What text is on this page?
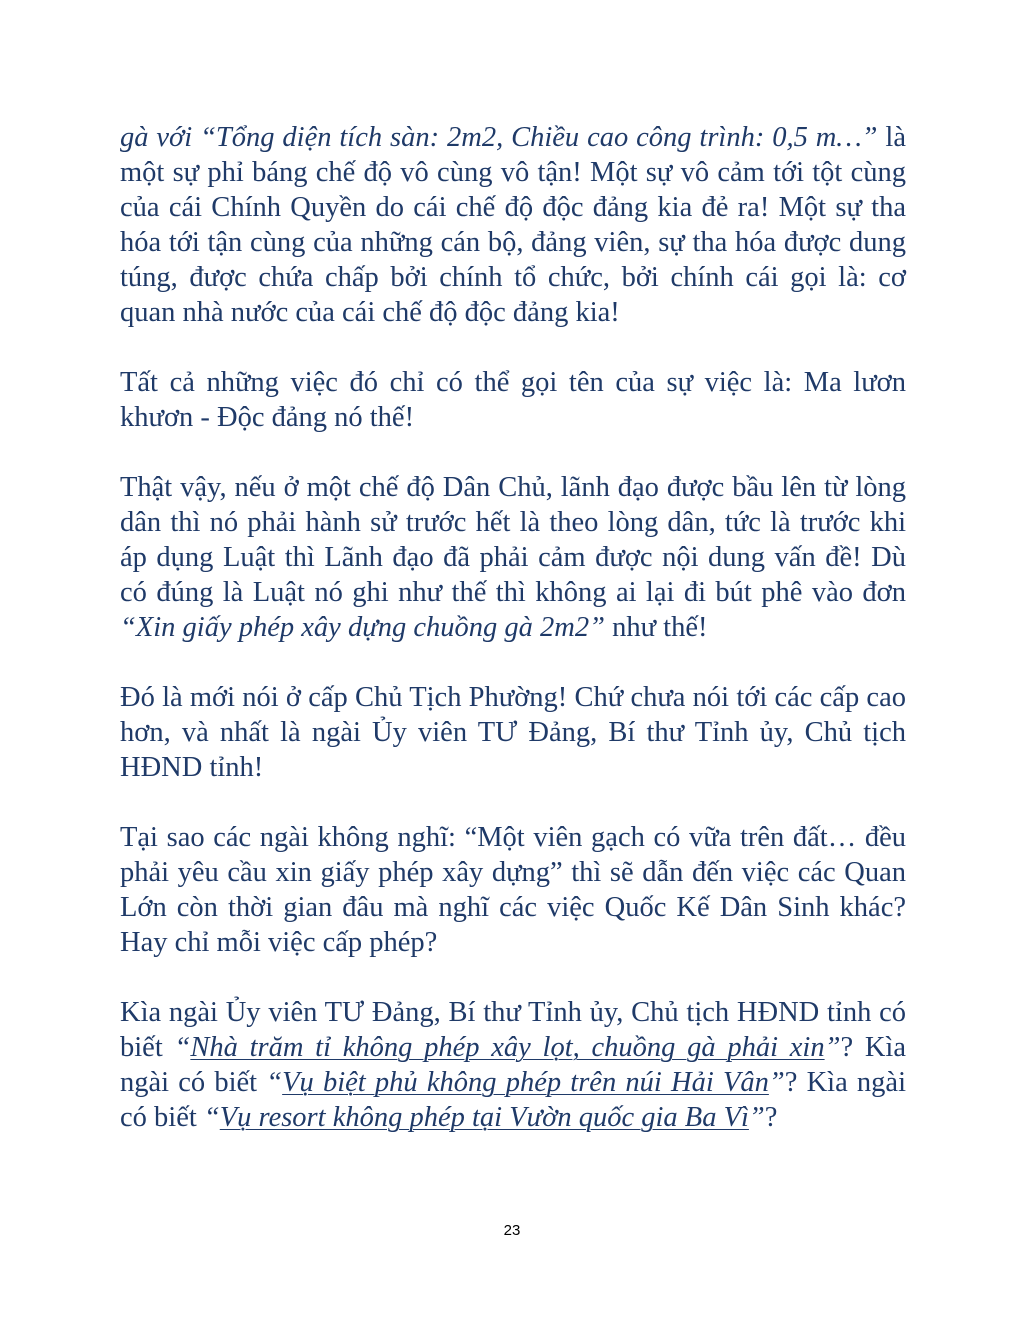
gà với “Tổng diện tích sàn: 2m2, Chiều cao công trình: 0,5 m…” là một sự phỉ báng chế độ vô cùng vô tận! Một sự vô cảm tới tột cùng của cái Chính Quyền do cái chế độ độc đảng kia đẻ ra! Một sự tha hóa tới tận cùng của những cán bộ, đảng viên, sự tha hóa được dung túng, được chứa chấp bởi chính tổ chức, bởi chính cái gọi là: cơ quan nhà nước của cái chế độ độc đảng kia!

Tất cả những việc đó chỉ có thể gọi tên của sự việc là: Ma lươn khươn - Độc đảng nó thế!

Thật vậy, nếu ở một chế độ Dân Chủ, lãnh đạo được bầu lên từ lòng dân thì nó phải hành sử trước hết là theo lòng dân, tức là trước khi áp dụng Luật thì Lãnh đạo đã phải cảm được nội dung vấn đề! Dù có đúng là Luật nó ghi như thế thì không ai lại đi bút phê vào đơn “Xin giấy phép xây dựng chuồng gà 2m2” như thế!

Đó là mới nói ở cấp Chủ Tịch Phường! Chứ chưa nói tới các cấp cao hơn, và nhất là ngài Ủy viên TƯ Đảng, Bí thư Tỉnh ủy, Chủ tịch HĐND tỉnh!

Tại sao các ngài không nghĩ: “Một viên gạch có vữa trên đất… đều phải yêu cầu xin giấy phép xây dựng” thì sẽ dẫn đến việc các Quan Lớn còn thời gian đâu mà nghĩ các việc Quốc Kế Dân Sinh khác? Hay chỉ mỗi việc cấp phép?

Kìa ngài Ủy viên TƯ Đảng, Bí thư Tỉnh ủy, Chủ tịch HĐND tỉnh có biết “Nhà trăm tỉ không phép xây lọt, chuồng gà phải xin”? Kìa ngài có biết “Vụ biệt phủ không phép trên núi Hải Vân”? Kìa ngài có biết “Vụ resort không phép tại Vườn quốc gia Ba Vì”?

23
